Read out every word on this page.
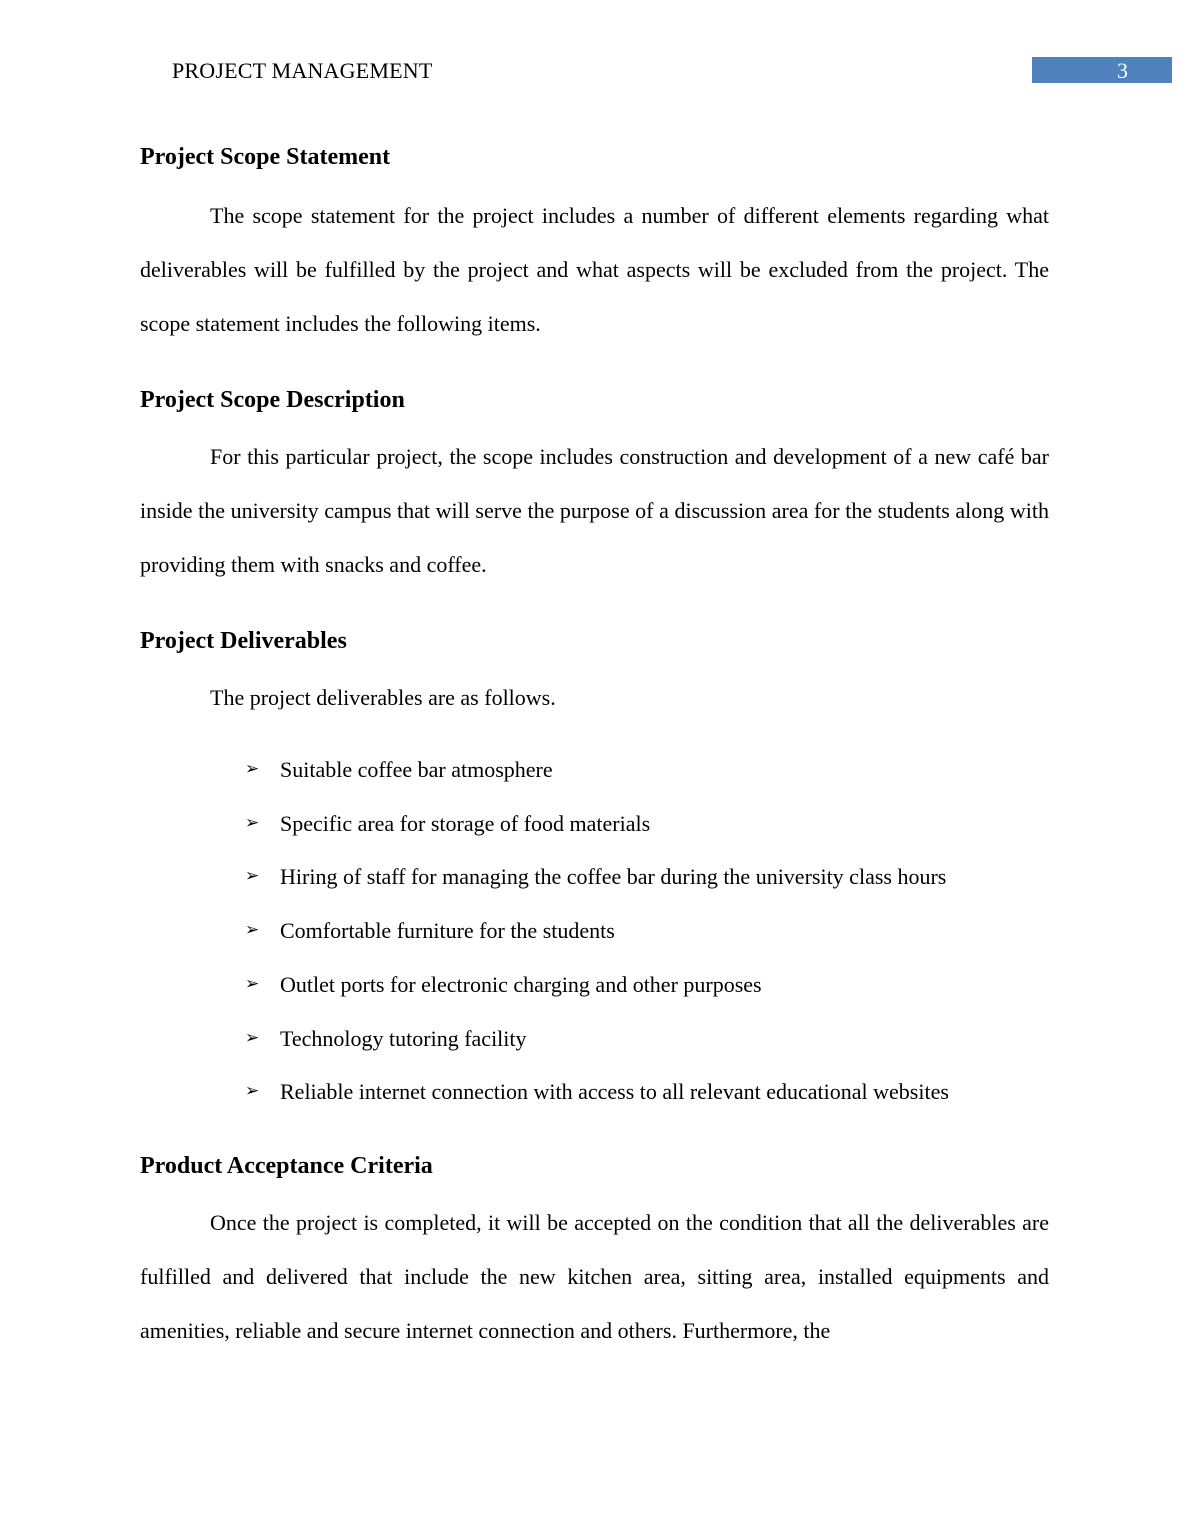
PROJECT MANAGEMENT	3
Project Scope Statement

The scope statement for the project includes a number of different elements regarding what deliverables will be fulfilled by the project and what aspects will be excluded from the project. The scope statement includes the following items.

Project Scope Description

For this particular project, the scope includes construction and development of a new café bar inside the university campus that will serve the purpose of a discussion area for the students along with providing them with snacks and coffee.

Project Deliverables

The project deliverables are as follows.

➢ Suitable coffee bar atmosphere
➢ Specific area for storage of food materials
➢ Hiring of staff for managing the coffee bar during the university class hours
➢ Comfortable furniture for the students
➢ Outlet ports for electronic charging and other purposes
➢ Technology tutoring facility
➢ Reliable internet connection with access to all relevant educational websites
Product Acceptance Criteria

Once the project is completed, it will be accepted on the condition that all the deliverables are fulfilled and delivered that include the new kitchen area, sitting area, installed equipments and amenities, reliable and secure internet connection and others. Furthermore, the
